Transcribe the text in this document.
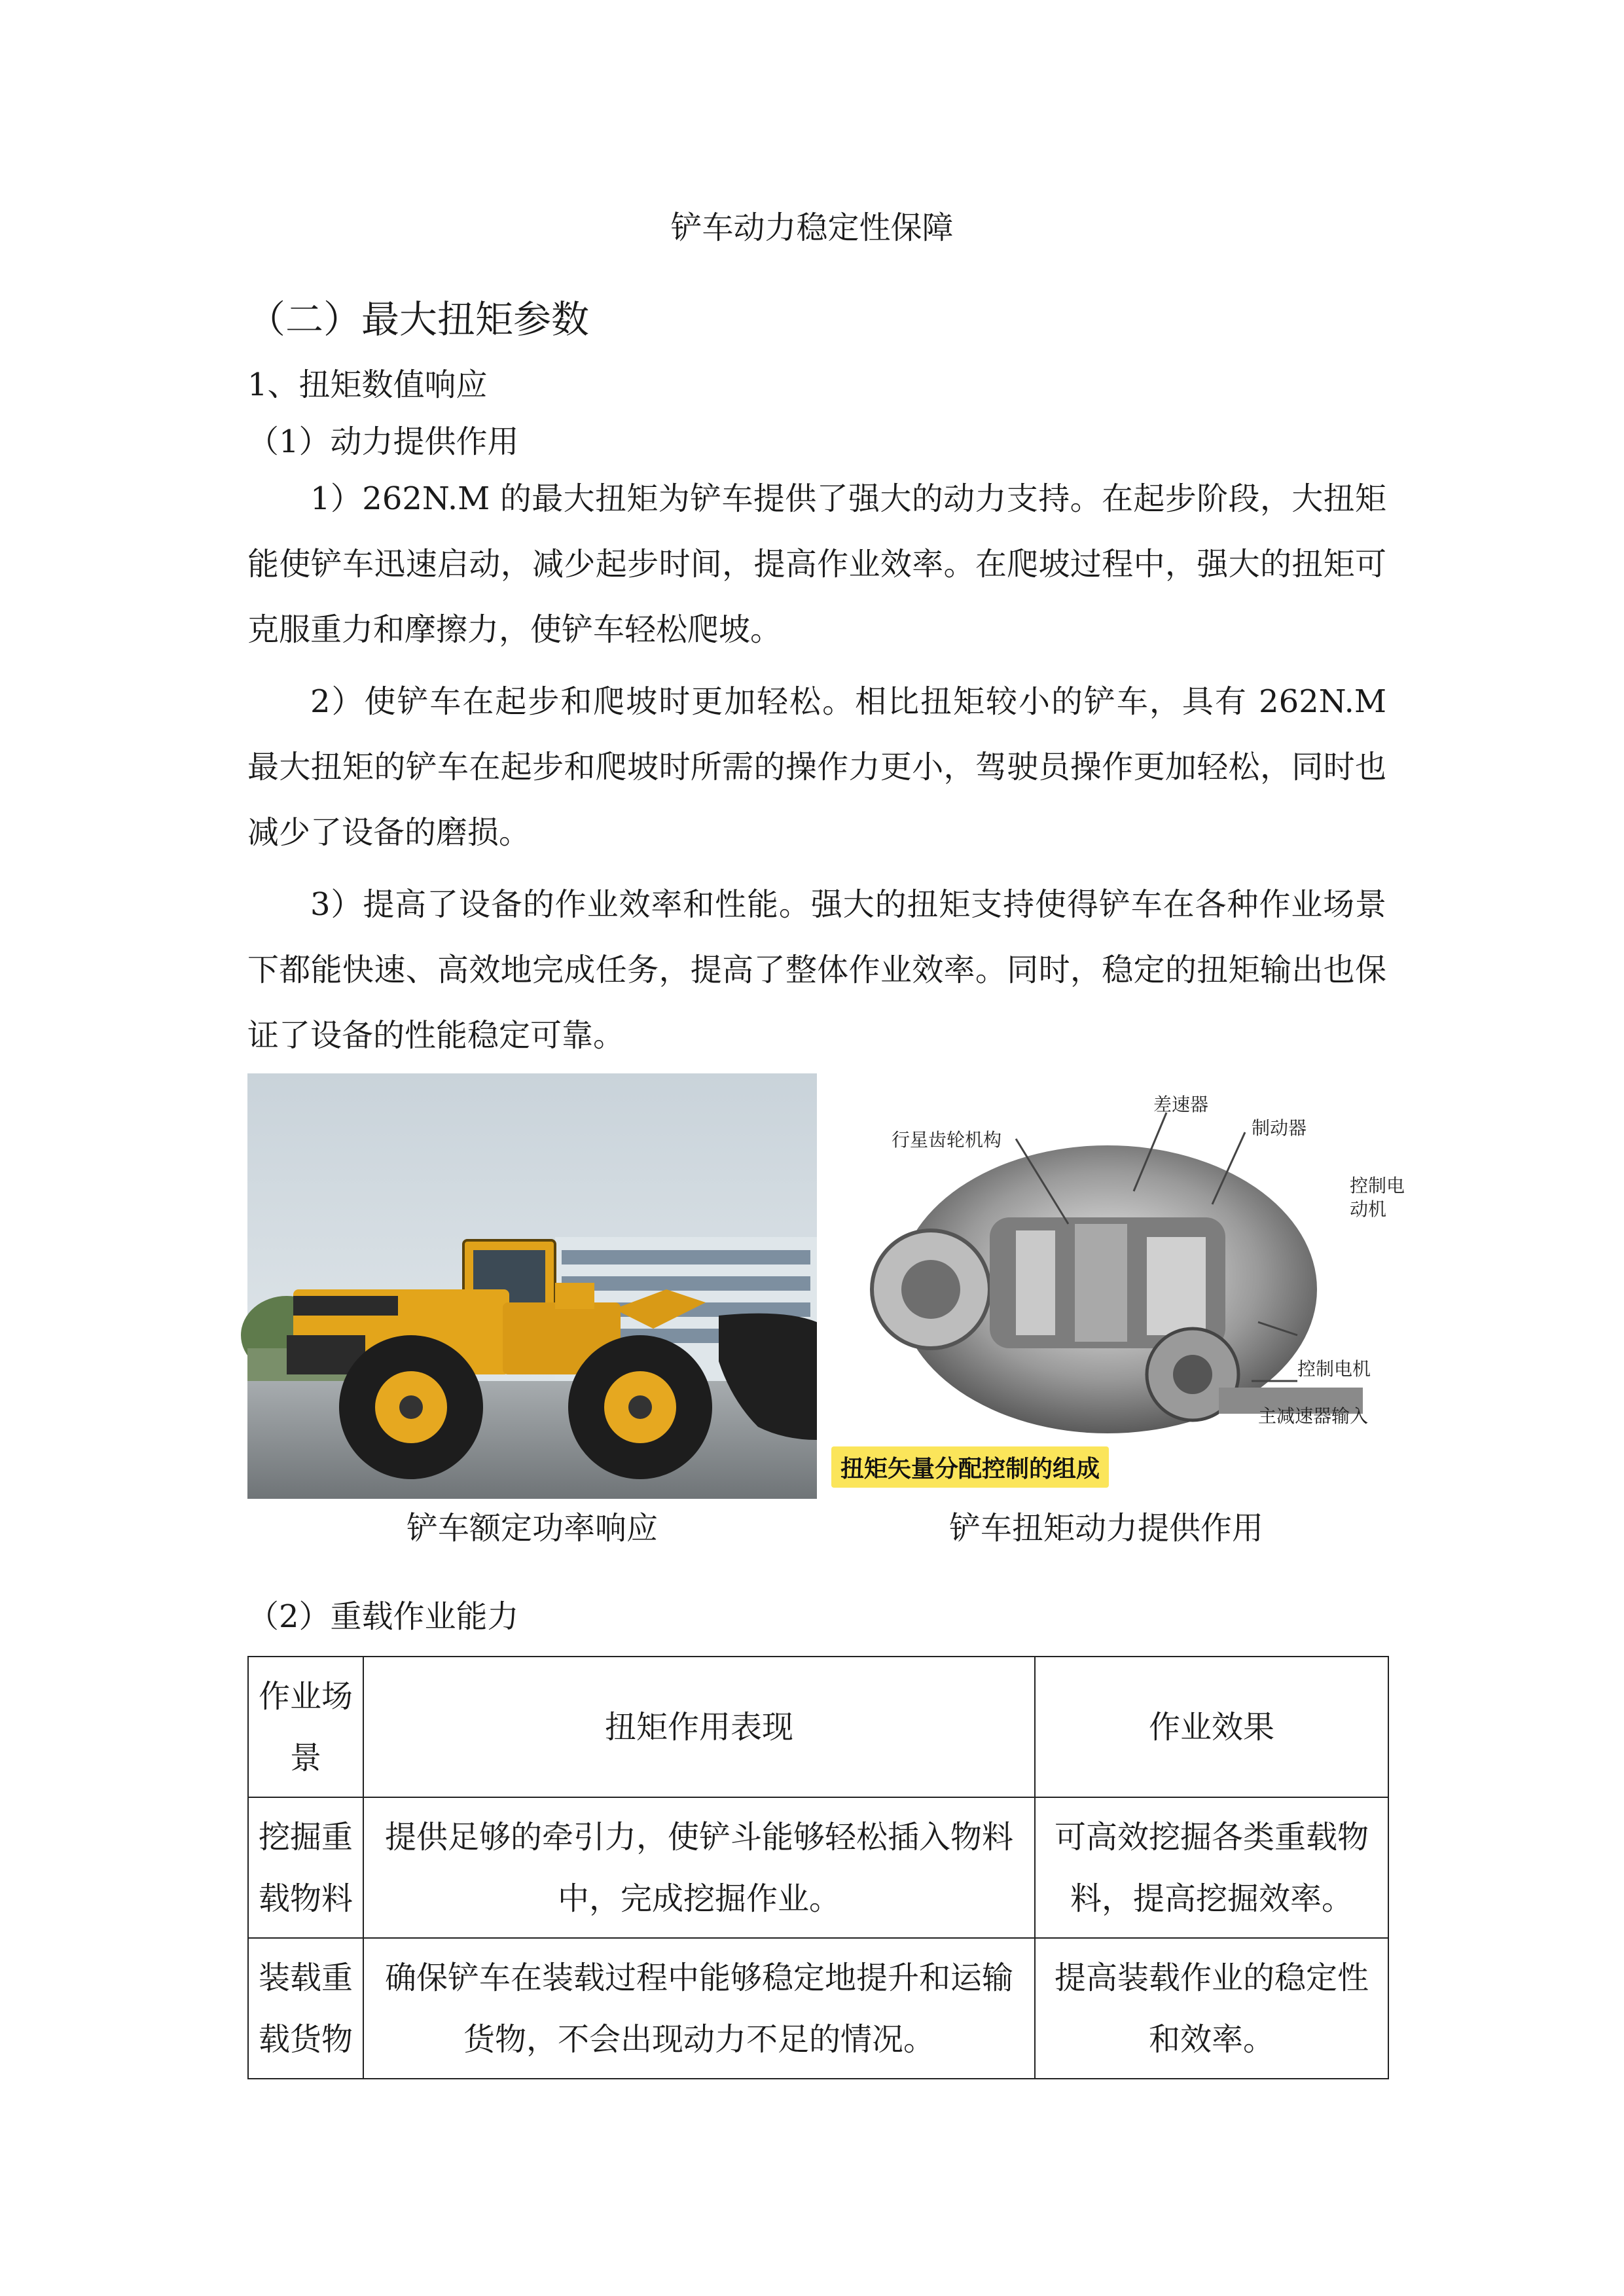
铲车动力稳定性保障
（二）最大扭矩参数
1、扭矩数值响应
（1）动力提供作用

1）262N.M 的最大扭矩为铲车提供了强大的动力支持。在起步阶段，大扭矩能使铲车迅速启动，减少起步时间，提高作业效率。在爬坡过程中，强大的扭矩可克服重力和摩擦力，使铲车轻松爬坡。

2）使铲车在起步和爬坡时更加轻松。相比扭矩较小的铲车，具有 262N.M 最大扭矩的铲车在起步和爬坡时所需的操作力更小，驾驶员操作更加轻松，同时也减少了设备的磨损。

3）提高了设备的作业效率和性能。强大的扭矩支持使得铲车在各种作业场景下都能快速、高效地完成任务，提高了整体作业效率。同时，稳定的扭矩输出也保证了设备的性能稳定可靠。

行星齿轮机构
差速器
制动器
控制电
动机
控制电机
主减速器输入
扭矩矢量分配控制的组成
铲车额定功率响应	铲车扭矩动力提供作用
（2）重载作业能力
作业场景	扭矩作用表现	作业效果
挖掘重载物料	提供足够的牵引力，使铲斗能够轻松插入物料中，完成挖掘作业。	可高效挖掘各类重载物料，提高挖掘效率。
装载重载货物	确保铲车在装载过程中能够稳定地提升和运输货物，不会出现动力不足的情况。	提高装载作业的稳定性和效率。
